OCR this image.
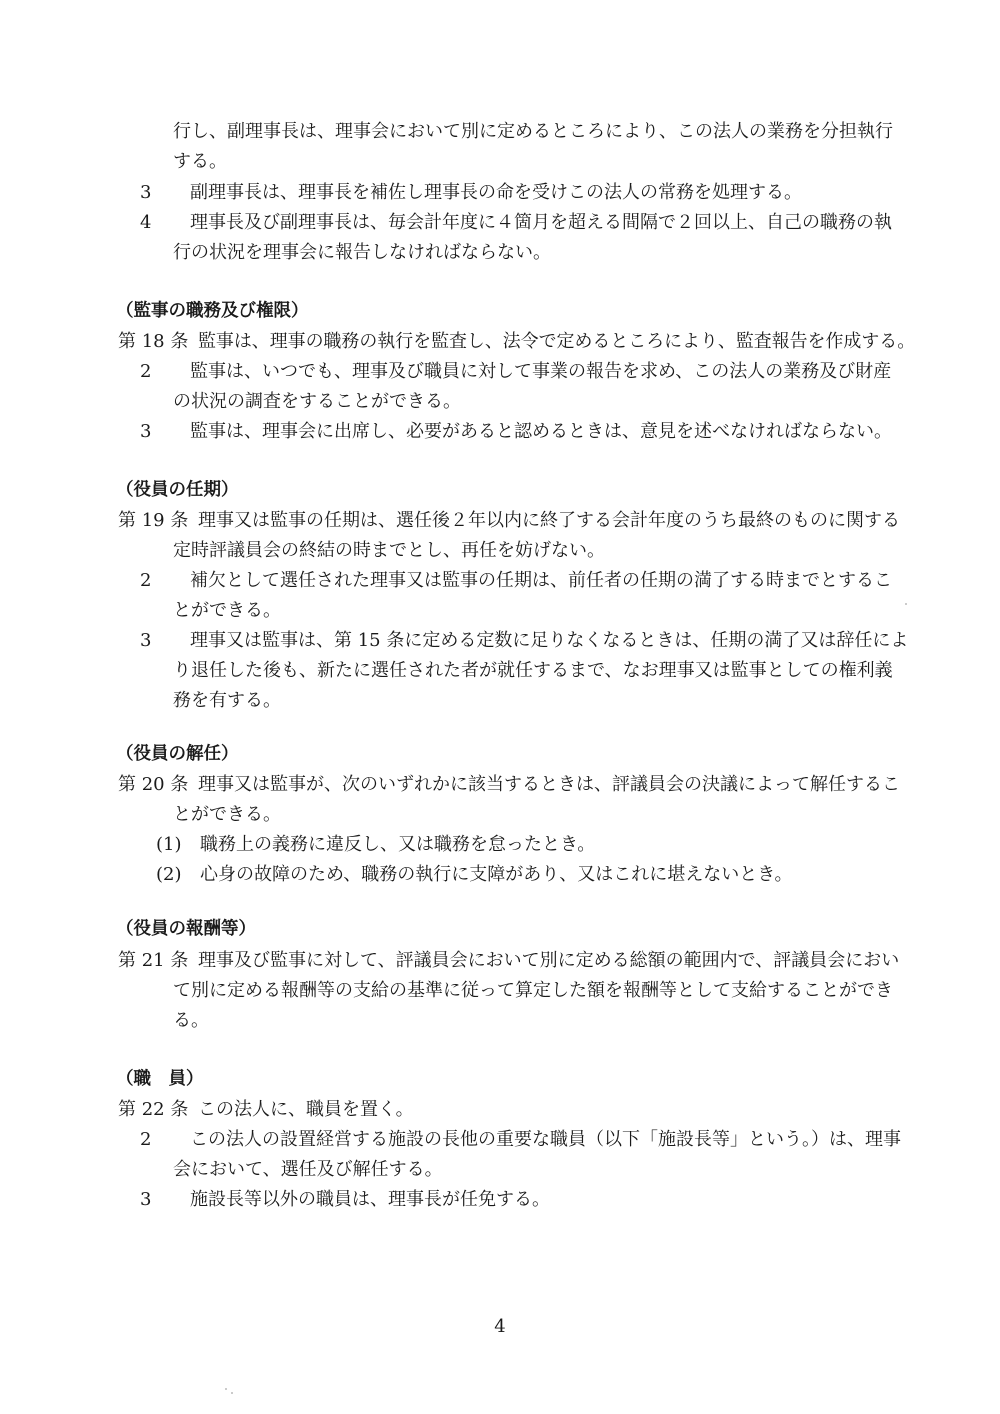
行し、副理事長は、理事会において別に定めるところにより、この法人の業務を分担執行
する。
3 副理事長は、理事長を補佐し理事長の命を受けこの法人の常務を処理する。
4 理事長及び副理事長は、毎会計年度に４箇月を超える間隔で２回以上、自己の職務の執
行の状況を理事会に報告しなければならない。
（監事の職務及び権限）
第 18 条 監事は、理事の職務の執行を監査し、法令で定めるところにより、監査報告を作成する。
2 監事は、いつでも、理事及び職員に対して事業の報告を求め、この法人の業務及び財産
の状況の調査をすることができる。
3 監事は、理事会に出席し、必要があると認めるときは、意見を述べなければならない。
（役員の任期）
第 19 条 理事又は監事の任期は、選任後２年以内に終了する会計年度のうち最終のものに関する
定時評議員会の終結の時までとし、再任を妨げない。
2 補欠として選任された理事又は監事の任期は、前任者の任期の満了する時までとするこ
とができる。
3 理事又は監事は、第 15 条に定める定数に足りなくなるときは、任期の満了又は辞任によ
り退任した後も、新たに選任された者が就任するまで、なお理事又は監事としての権利義
務を有する。
（役員の解任）
第 20 条 理事又は監事が、次のいずれかに該当するときは、評議員会の決議によって解任するこ
とができる。
(1) 職務上の義務に違反し、又は職務を怠ったとき。
(2) 心身の故障のため、職務の執行に支障があり、又はこれに堪えないとき。
（役員の報酬等）
第 21 条 理事及び監事に対して、評議員会において別に定める総額の範囲内で、評議員会におい
て別に定める報酬等の支給の基準に従って算定した額を報酬等として支給することができ
る。
（職　員）
第 22 条 この法人に、職員を置く。
2 この法人の設置経営する施設の長他の重要な職員（以下「施設長等」という。）は、理事
会において、選任及び解任する。
3 施設長等以外の職員は、理事長が任免する。
4
